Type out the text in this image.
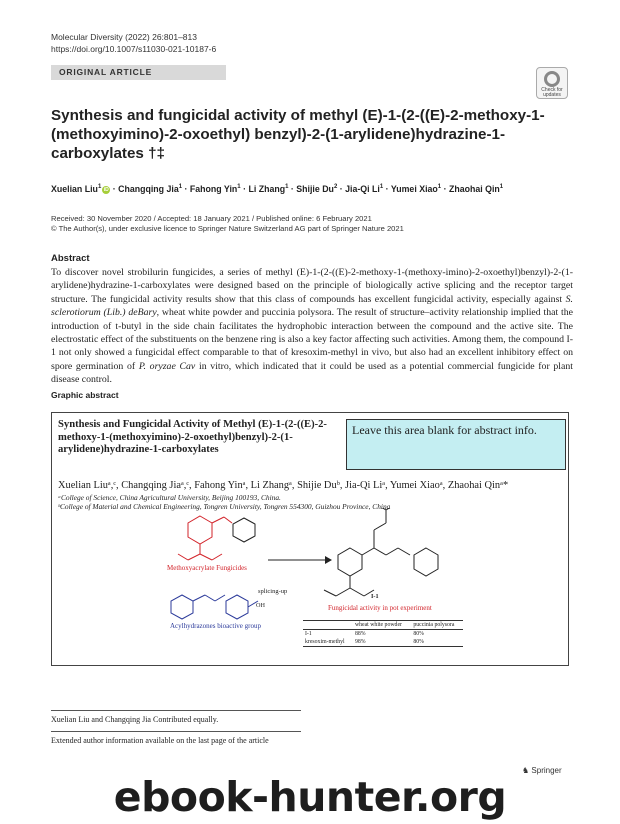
Molecular Diversity (2022) 26:801–813
https://doi.org/10.1007/s11030-021-10187-6
ORIGINAL ARTICLE
Check for
updates
Synthesis and fungicidal activity of methyl (E)-1-(2-((E)-2-methoxy-1-(methoxyimino)-2-oxoethyl) benzyl)-2-(1-arylidene)hydrazine-1-carboxylates †‡
Xuelian Liu$^1$ iD · Changqing Jia$^1$ · Fahong Yin$^1$ · Li Zhang$^1$ · Shijie $Du^2 \cdot Jia-Qi$ $Li^1$ · Yumei Xiao$^1$ · Zhaohai Qin$^1$
Received: 30 November 2020 / Accepted: 18 January 2021 / Published online: 6 February 2021
© The Author(s), under exclusive licence to Springer Nature Switzerland AG part of Springer Nature 2021
Abstract
To discover novel strobilurin fungicides, a series of methyl (E)-1-(2-((E)-2-methoxy-1-(methoxy-imino)-2-oxoethyl)benzyl)-2-(1-arylidene)hydrazine-1-carboxylates were designed based on the principle of biologically active splicing and the receptor target structure. The fungicidal activity results show that this class of compounds has excellent fungicidal activity, especially against S. sclerotiorum (Lib.) deBary, wheat white powder and puccinia polysora. The result of structure–activity relationship implied that the introduction of t-butyl in the side chain facilitates the hydrophobic interaction between the compound and the active site. The electrostatic effect of the substituents on the benzene ring is also a key factor affecting such activities. Among them, the compound I-1 not only showed a fungicidal effect comparable to that of kresoxim-methyl in vivo, but also had an excellent inhibitory effect on spore germination of P. oryzae Cav in vitro, which indicated that it could be used as a potential commercial fungicide for plant disease control.
Graphic abstract
Synthesis and Fungicidal Activity of Methyl (E)-1-(2-((E)-2-methoxy-1-(methoxyimino)-2-oxoethyl)benzyl)-2-(1-arylidene)hydrazine-1-carboxylates
Leave this area blank for abstract info.
Xuelian Liuᵃ,ᶜ, Changqing Jiaᵃ,ᶜ, Fahong Yinᵃ, Li Zhangᵃ, Shijie Duᵇ, Jia-Qi Liᵃ, Yumei Xiaoᵃ, Zhaohai Qinᵃ*
ᵃCollege of Science, China Agricultural University, Beijing 100193, China.
ᵇCollege of Material and Chemical Engineering, Tongren University, Tongren 554300, Guizhou Province, China
Methoxyacrylate Fungicides
splicing-up
OH
Acylhydrazones bioactive group
I-1
Fungicidal activity in pot experiment
	wheat white powder	puccinia polysora
I-1	88%	80%
kresoxim-methyl	98%	80%
Xuelian Liu and Changqing Jia Contributed equally.
Extended author information available on the last page of the article
♞ Springer
ebook-hunter.org
